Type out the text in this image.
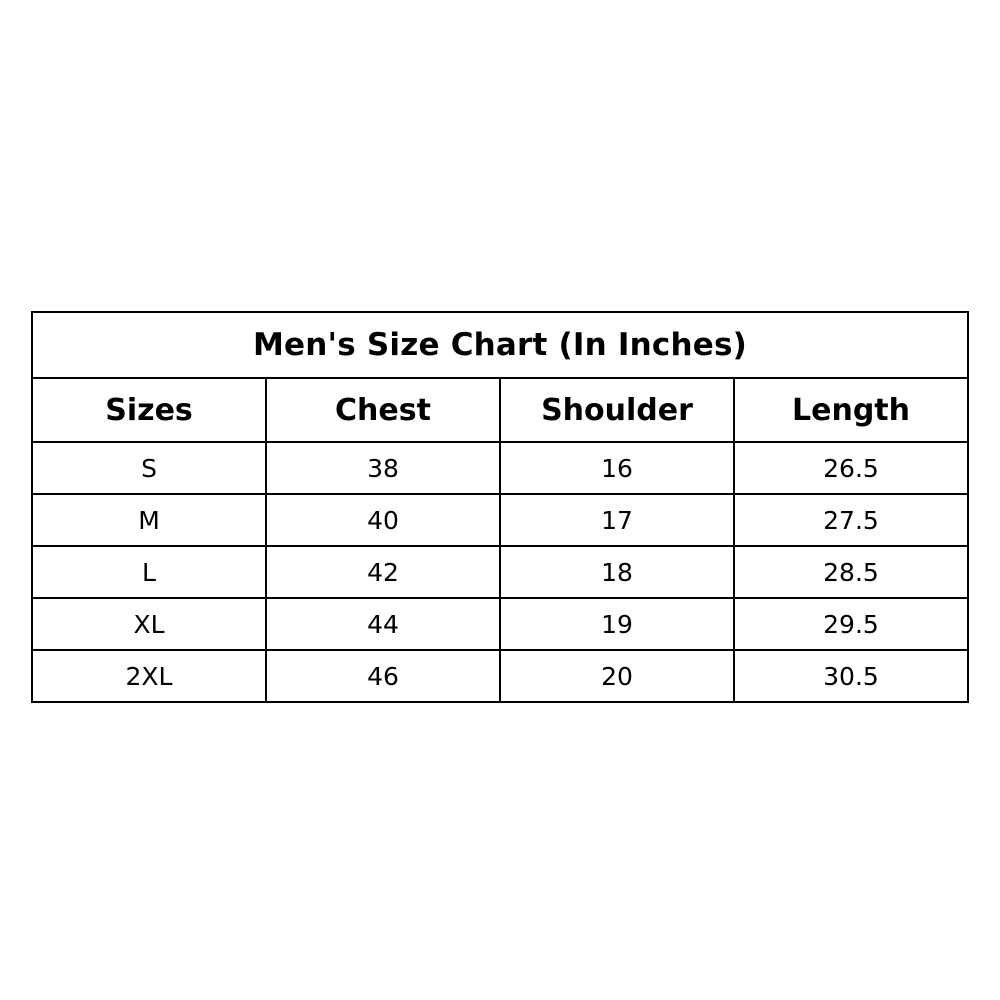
Men's Size Chart (In Inches)			
Sizes	Chest	Shoulder	Length
S	38	16	26.5
M	40	17	27.5
L	42	18	28.5
XL	44	19	29.5
2XL	46	20	30.5
